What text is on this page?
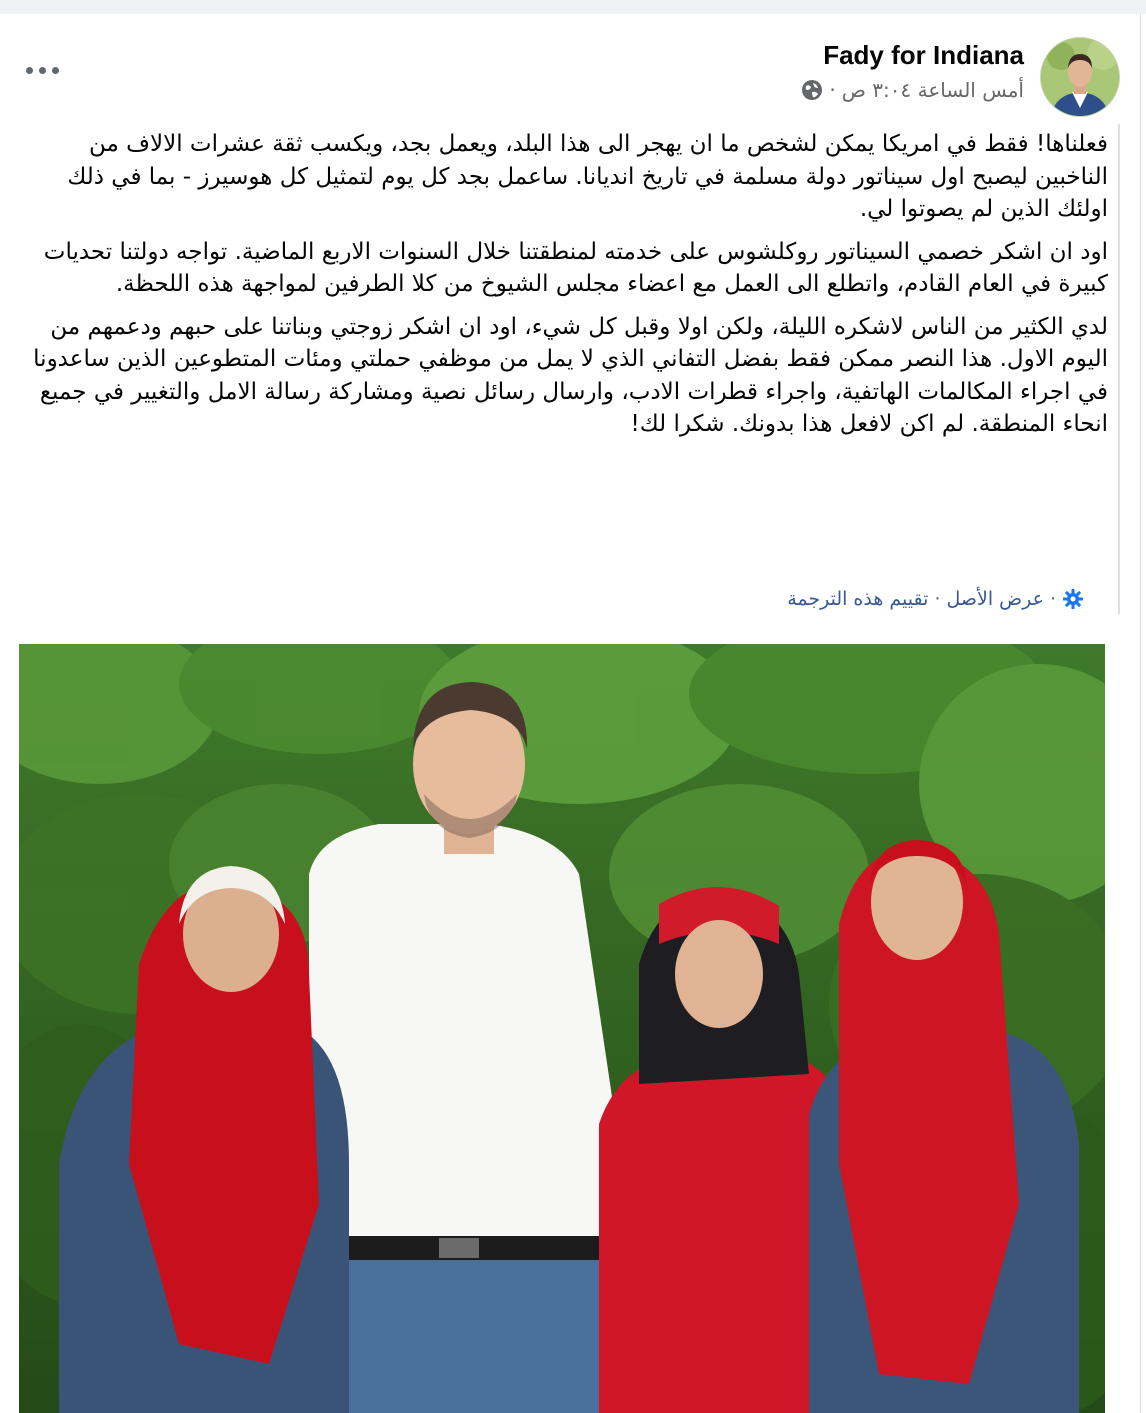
Fady for Indiana
أمس الساعة ٣:٠٤ ص
·

فعلناها! فقط في امريكا يمكن لشخص ما ان يهجر الى هذا البلد، ويعمل بجد، ويكسب ثقة عشرات الالاف من الناخبين ليصبح اول سيناتور دولة مسلمة في تاريخ انديانا. ساعمل بجد كل يوم لتمثيل كل هوسيرز - بما في ذلك اولئك الذين لم يصوتوا لي.

اود ان اشكر خصمي السيناتور روكلشوس على خدمته لمنطقتنا خلال السنوات الاربع الماضية. تواجه دولتنا تحديات كبيرة في العام القادم، واتطلع الى العمل مع اعضاء مجلس الشيوخ من كلا الطرفين لمواجهة هذه اللحظة.

لدي الكثير من الناس لاشكره الليلة، ولكن اولا وقبل كل شيء، اود ان اشكر زوجتي وبناتنا على حبهم ودعمهم من اليوم الاول. هذا النصر ممكن فقط بفضل التفاني الذي لا يمل من موظفي حملتي ومئات المتطوعين الذين ساعدونا في اجراء المكالمات الهاتفية، واجراء قطرات الادب، وارسال رسائل نصية ومشاركة رسالة الامل والتغيير في جميع انحاء المنطقة. لم اكن لافعل هذا بدونك. شكرا لك!

·
عرض الأصل
·
تقييم هذه الترجمة
